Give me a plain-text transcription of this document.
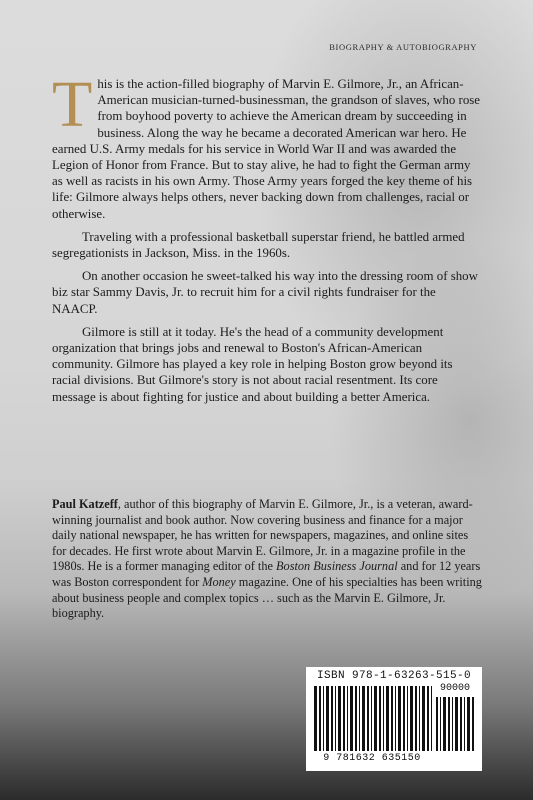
BIOGRAPHY & AUTOBIOGRAPHY

This is the action-filled biography of Marvin E. Gilmore, Jr., an African-American musician-turned-businessman, the grandson of slaves, who rose from boyhood poverty to achieve the American dream by succeeding in business. Along the way he became a decorated American war hero. He earned U.S. Army medals for his service in World War II and was awarded the Legion of Honor from France. But to stay alive, he had to fight the German army as well as racists in his own Army. Those Army years forged the key theme of his life: Gilmore always helps others, never backing down from challenges, racial or otherwise.

Traveling with a professional basketball superstar friend, he battled armed segregationists in Jackson, Miss. in the 1960s.

On another occasion he sweet-talked his way into the dressing room of show biz star Sammy Davis, Jr. to recruit him for a civil rights fundraiser for the NAACP.

Gilmore is still at it today. He's the head of a community development organization that brings jobs and renewal to Boston's African-American community. Gilmore has played a key role in helping Boston grow beyond its racial divisions. But Gilmore's story is not about racial resentment. Its core message is about fighting for justice and about building a better America.

Paul Katzeff, author of this biography of Marvin E. Gilmore, Jr., is a veteran, award-winning journalist and book author. Now covering business and finance for a major daily national newspaper, he has written for newspapers, magazines, and online sites for decades. He first wrote about Marvin E. Gilmore, Jr. in a magazine profile in the 1980s. He is a former managing editor of the Boston Business Journal and for 12 years was Boston correspondent for Money magazine. One of his specialties has been writing about business people and complex topics … such as the Marvin E. Gilmore, Jr. biography.
ISBN 978-1-63263-515-0
90000
9 781632 635150
